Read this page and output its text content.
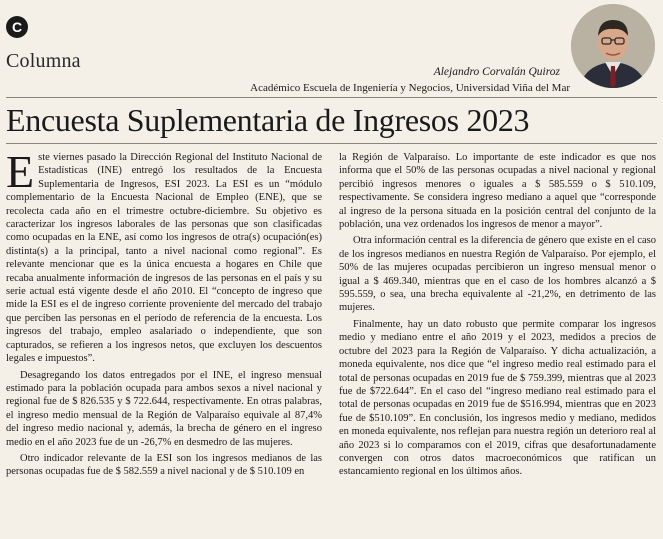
C
Columna	Alejandro Corvalán Quiroz
Académico Escuela de Ingeniería y Negocios, Universidad Viña del Mar
Encuesta Suplementaria de Ingresos 2023

Este viernes pasado la Dirección Regional del Instituto Nacional de Estadísticas (INE) entregó los resultados de la Encuesta Suplementaria de Ingresos, ESI 2023. La ESI es un “módulo complementario de la Encuesta Nacional de Empleo (ENE), que se recolecta cada año en el trimestre octubre-diciembre. Su objetivo es caracterizar los ingresos laborales de las personas que son clasificadas como ocupadas en la ENE, así como los ingresos de otra(s) ocupación(es) distinta(s) a la principal, tanto a nivel nacional como regional”. Es relevante mencionar que es la única encuesta a hogares en Chile que recaba anualmente información de ingresos de las personas en el país y su serie actual está vigente desde el año 2010. El “concepto de ingreso que mide la ESI es el de ingreso corriente proveniente del mercado del trabajo que perciben las personas en el período de referencia de la encuesta. Los ingresos del trabajo, empleo asalariado o independiente, que son capturados, se refieren a los ingresos netos, que excluyen los descuentos legales e impuestos”.

Desagregando los datos entregados por el INE, el ingreso mensual estimado para la población ocupada para ambos sexos a nivel nacional y regional fue de $ 826.535 y $ 722.644, respectivamente. En otras palabras, el ingreso medio mensual de la Región de Valparaíso equivale al 87,4% del ingreso medio nacional y, además, la brecha de género en el ingreso medio en el año 2023 fue de un -26,7% en desmedro de las mujeres.

Otro indicador relevante de la ESI son los ingresos medianos de las personas ocupadas fue de $ 582.559 a nivel nacional y de $ 510.109 en

la Región de Valparaíso. Lo importante de este indicador es que nos informa que el 50% de las personas ocupadas a nivel nacional y regional percibió ingresos menores o iguales a $ 585.559 o $ 510.109, respectivamente. Se considera ingreso mediano a aquel que “corresponde al ingreso de la persona situada en la posición central del conjunto de la población, una vez ordenados los ingresos de menor a mayor”.

Otra información central es la diferencia de género que existe en el caso de los ingresos medianos en nuestra Región de Valparaíso. Por ejemplo, el 50% de las mujeres ocupadas percibieron un ingreso mensual menor o igual a $ 469.340, mientras que en el caso de los hombres alcanzó a $ 595.559, o sea, una brecha equivalente al -21,2%, en detrimento de las mujeres.

Finalmente, hay un dato robusto que permite comparar los ingresos medio y mediano entre el año 2019 y el 2023, medidos a precios de octubre del 2023 para la Región de Valparaíso. Y dicha actualización, a moneda equivalente, nos dice que “el ingreso medio real estimado para el total de personas ocupadas en 2019 fue de $ 759.399, mientras que al 2023 fue de $722.644”. En el caso del “ingreso mediano real estimado para el total de personas ocupadas en 2019 fue de $516.994, mientras que en 2023 fue de $510.109”. En conclusión, los ingresos medio y mediano, medidos en moneda equivalente, nos reflejan para nuestra región un deterioro real al año 2023 si lo comparamos con el 2019, cifras que desafortunadamente convergen con otros datos macroeconómicos que ratifican un estancamiento regional en los últimos años.
